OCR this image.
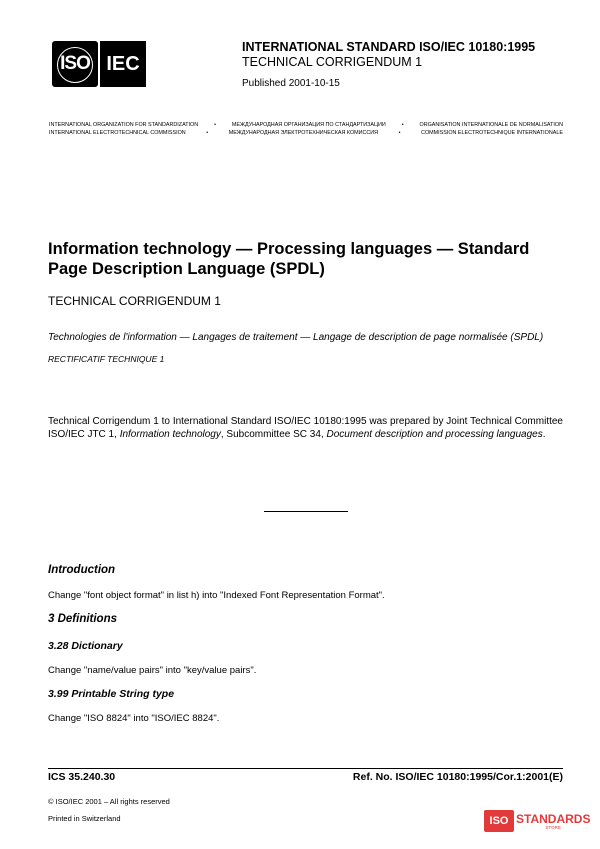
ISO IEC
INTERNATIONAL STANDARD ISO/IEC 10180:1995
TECHNICAL CORRIGENDUM 1
Published 2001-10-15
INTERNATIONAL ORGANIZATION FOR STANDARDIZATION	•	МЕЖДУНАРОДНАЯ ОРГАНИЗАЦИЯ ПО СТАНДАРТИЗАЦИИ	•	ORGANISATION INTERNATIONALE DE NORMALISATION
INTERNATIONAL ELECTROTECHNICAL COMMISSION	•	МЕЖДУНАРОДНАЯ ЭЛЕКТРОТЕХНИЧЕСКАЯ КОМИССИЯ	•	COMMISSION ELECTROTECHNIQUE INTERNATIONALE
Information technology — Processing languages — Standard Page Description Language (SPDL)
TECHNICAL CORRIGENDUM 1
Technologies de l'information — Langages de traitement — Langage de description de page normalisée (SPDL)
RECTIFICATIF TECHNIQUE 1
Technical Corrigendum 1 to International Standard ISO/IEC 10180:1995 was prepared by Joint Technical Committee ISO/IEC JTC 1, Information technology, Subcommittee SC 34, Document description and processing languages.
Introduction
Change "font object format" in list h) into "Indexed Font Representation Format".
3 Definitions
3.28 Dictionary
Change "name/value pairs" into "key/value pairs".
3.99 Printable String type
Change "ISO 8824" into "ISO/IEC 8824".
ICS 35.240.30	Ref. No. ISO/IEC 10180:1995/Cor.1:2001(E)
© ISO/IEC 2001 – All rights reserved
Printed in Switzerland	ISO STANDARDS
STORE
